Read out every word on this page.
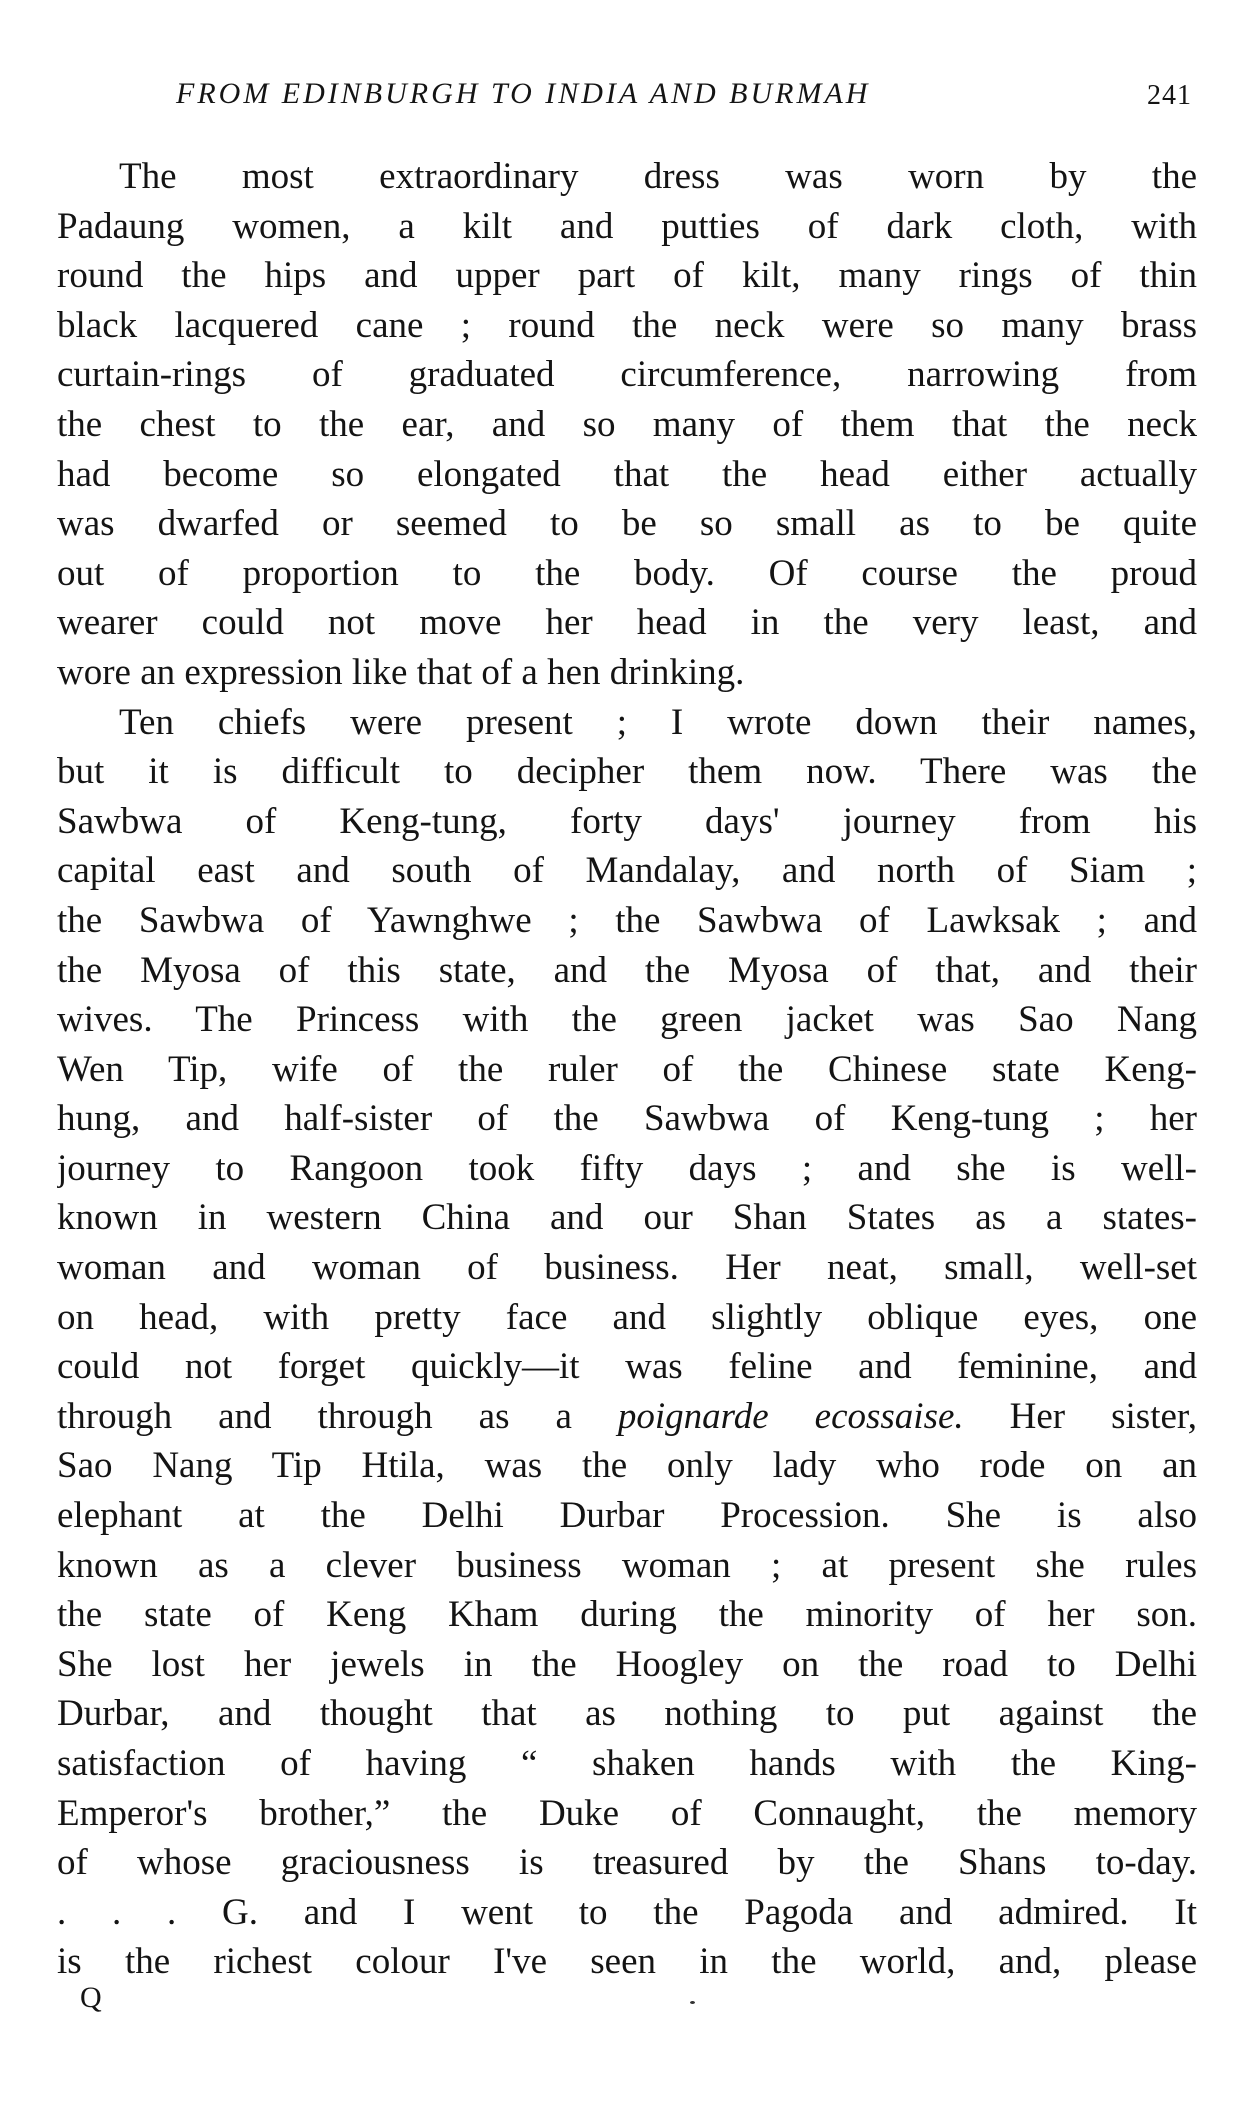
FROM EDINBURGH TO INDIA AND BURMAH	241
The most extraordinary dress was worn by the
Padaung women, a kilt and putties of dark cloth, with
round the hips and upper part of kilt, many rings of thin
black lacquered cane ; round the neck were so many brass
curtain-rings of graduated circumference, narrowing from
the chest to the ear, and so many of them that the neck
had become so elongated that the head either actually
was dwarfed or seemed to be so small as to be quite
out of proportion to the body. Of course the proud
wearer could not move her head in the very least, and
wore an expression like that of a hen drinking.
Ten chiefs were present ; I wrote down their names,
but it is difficult to decipher them now. There was the
Sawbwa of Keng-tung, forty days' journey from his
capital east and south of Mandalay, and north of Siam ;
the Sawbwa of Yawnghwe ; the Sawbwa of Lawksak ; and
the Myosa of this state, and the Myosa of that, and their
wives. The Princess with the green jacket was Sao Nang
Wen Tip, wife of the ruler of the Chinese state Keng-
hung, and half-sister of the Sawbwa of Keng-tung ; her
journey to Rangoon took fifty days ; and she is well-
known in western China and our Shan States as a states-
woman and woman of business. Her neat, small, well-set
on head, with pretty face and slightly oblique eyes, one
could not forget quickly—it was feline and feminine, and
through and through as a poignarde ecossaise. Her sister,
Sao Nang Tip Htila, was the only lady who rode on an
elephant at the Delhi Durbar Procession. She is also
known as a clever business woman ; at present she rules
the state of Keng Kham during the minority of her son.
She lost her jewels in the Hoogley on the road to Delhi
Durbar, and thought that as nothing to put against the
satisfaction of having “ shaken hands with the King-
Emperor's brother,” the Duke of Connaught, the memory
of whose graciousness is treasured by the Shans to-day.
. . . G. and I went to the Pagoda and admired. It
is the richest colour I've seen in the world, and, please
Q
